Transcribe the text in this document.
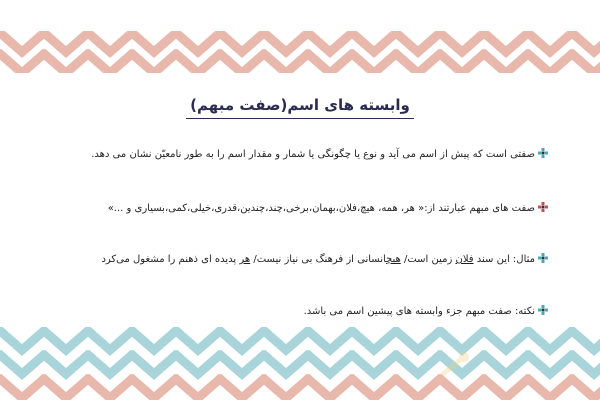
وابسته های اسم(صفت مبهم)
صفتی است که پیش از اسم می آید و نوع یا چگونگی یا شمار و مقدار اسم را به طور نامعیّن نشان می دهد.
صفت های مبهم عبارتند از:« هر، همه، هیچ،فلان،بهمان،برخی،چند،چندین،قدری،خیلی،کمی،بسیاری و ...»
مثال: این سند فلان زمین است/ هیچانسانی از فرهنگ بی نیاز نیست/ هر پدیده ای ذهنم را مشغول می‌کرد
نکته: صفت مبهم جزء وابسته های پیشین اسم می باشد.
